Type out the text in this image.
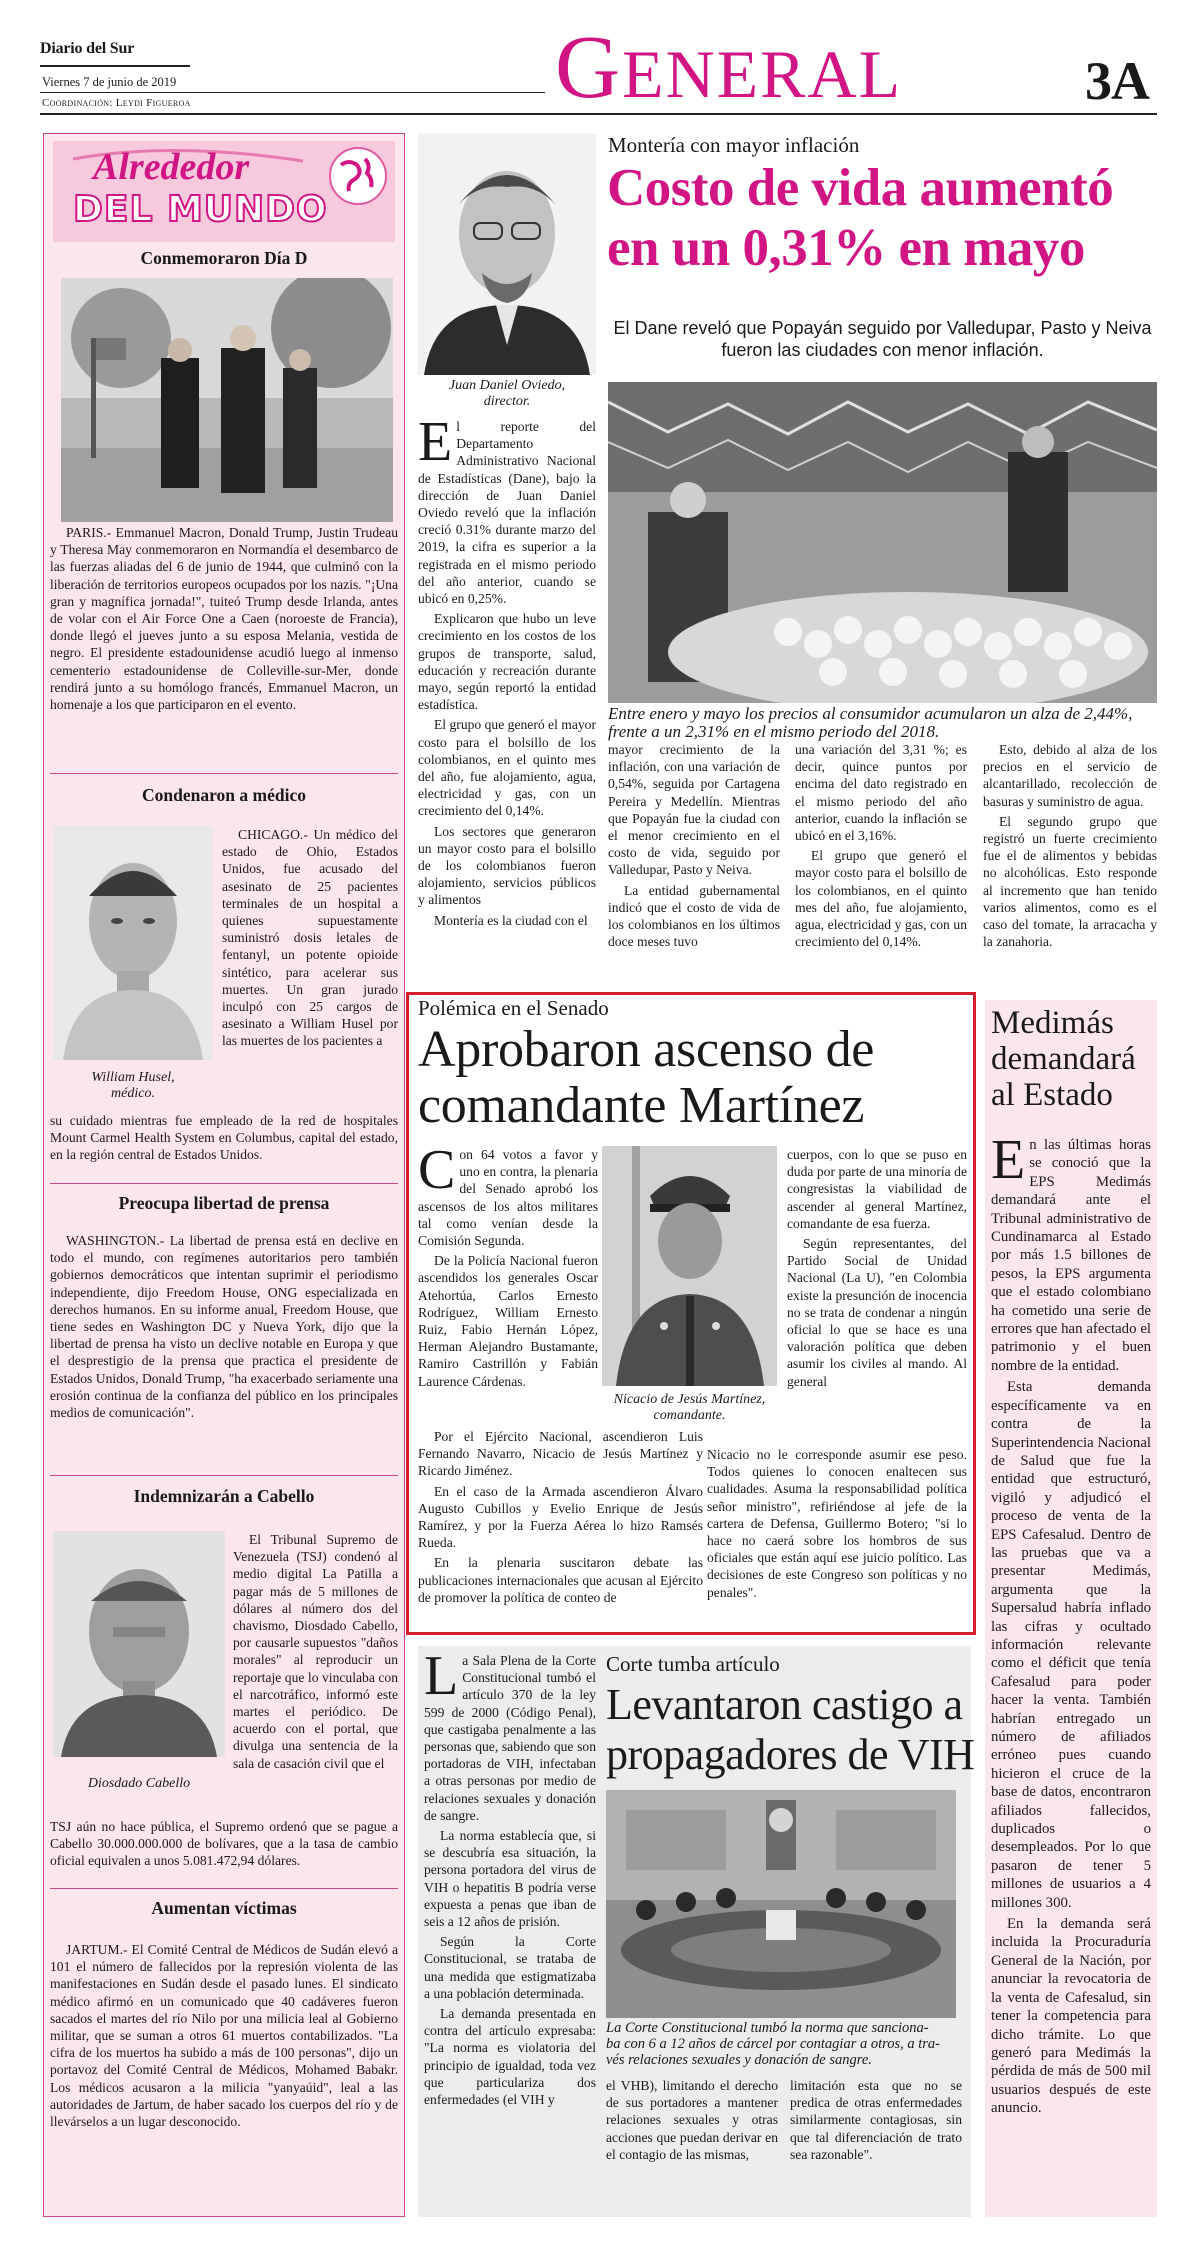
Diario del Sur
Viernes 7 de junio de 2019
Coordinación: Leydi Figueroa	GENERAL	3A
Alrededor
DEL MUNDO
Conmemoraron Día D

PARIS.- Emmanuel Macron, Donald Trump, Justin Trudeau y Theresa May conmemoraron en Normandía el desembarco de las fuerzas aliadas del 6 de junio de 1944, que culminó con la liberación de territorios europeos ocupados por los nazis. "¡Una gran y magnífica jornada!", tuiteó Trump desde Irlanda, antes de volar con el Air Force One a Caen (noroeste de Francia), donde llegó el jueves junto a su esposa Melania, vestida de negro. El presidente estadounidense acudió luego al inmenso cementerio estadounidense de Colleville-sur-Mer, donde rendirá junto a su homólogo francés, Emmanuel Macron, un homenaje a los que participaron en el evento.

Condenaron a médico
William Husel,
médico.

CHICAGO.- Un médico del estado de Ohio, Estados Unidos, fue acusado del asesinato de 25 pacientes terminales de un hospital a quienes supuestamente suministró dosis letales de fentanyl, un potente opioide sintético, para acelerar sus muertes. Un gran jurado inculpó con 25 cargos de asesinato a William Husel por las muertes de los pacientes a

su cuidado mientras fue empleado de la red de hospitales Mount Carmel Health System en Columbus, capital del estado, en la región central de Estados Unidos.

Preocupa libertad de prensa

WASHINGTON.- La libertad de prensa está en declive en todo el mundo, con regímenes autoritarios pero también gobiernos democráticos que intentan suprimir el periodismo independiente, dijo Freedom House, ONG especializada en derechos humanos. En su informe anual, Freedom House, que tiene sedes en Washington DC y Nueva York, dijo que la libertad de prensa ha visto un declive notable en Europa y que el desprestigio de la prensa que practica el presidente de Estados Unidos, Donald Trump, "ha exacerbado seriamente una erosión continua de la confianza del público en los principales medios de comunicación".

Indemnizarán a Cabello
Diosdado Cabello

El Tribunal Supremo de Venezuela (TSJ) condenó al medio digital La Patilla a pagar más de 5 millones de dólares al número dos del chavismo, Diosdado Cabello, por causarle supuestos "daños morales" al reproducir un reportaje que lo vinculaba con el narcotráfico, informó este martes el periódico. De acuerdo con el portal, que divulga una sentencia de la sala de casación civil que el

TSJ aún no hace pública, el Supremo ordenó que se pague a Cabello 30.000.000.000 de bolívares, que a la tasa de cambio oficial equivalen a unos 5.081.472,94 dólares.

Aumentan víctimas

JARTUM.- El Comité Central de Médicos de Sudán elevó a 101 el número de fallecidos por la represión violenta de las manifestaciones en Sudán desde el pasado lunes. El sindicato médico afirmó en un comunicado que 40 cadáveres fueron sacados el martes del río Nilo por una milicia leal al Gobierno militar, que se suman a otros 61 muertos contabilizados. "La cifra de los muertos ha subido a más de 100 personas", dijo un portavoz del Comité Central de Médicos, Mohamed Babakr. Los médicos acusaron a la milicia "yanyaúid", leal a las autoridades de Jartum, de haber sacado los cuerpos del río y de llevárselos a un lugar desconocido.

Juan Daniel Oviedo,
director.
Montería con mayor inflación
Costo de vida aumentó
en un 0,31% en mayo
El Dane reveló que Popayán seguido por Valledupar, Pasto y Neiva
fueron las ciudades con menor inflación.
Entre enero y mayo los precios al consumidor acumularon un alza de 2,44%,
frente a un 2,31% en el mismo periodo del 2018.

El reporte del Departamento Administrativo Nacional de Estadísticas (Dane), bajo la dirección de Juan Daniel Oviedo reveló que la inflación creció 0.31% durante marzo del 2019, la cifra es superior a la registrada en el mismo periodo del año anterior, cuando se ubicó en 0,25%.

Explicaron que hubo un leve crecimiento en los costos de los grupos de transporte, salud, educación y recreación durante mayo, según reportó la entidad estadística.

El grupo que generó el mayor costo para el bolsillo de los colombianos, en el quinto mes del año, fue alojamiento, agua, electricidad y gas, con un crecimiento del 0,14%.

Los sectores que generaron un mayor costo para el bolsillo de los colombianos fueron alojamiento, servicios públicos y alimentos

Montería es la ciudad con el

mayor crecimiento de la inflación, con una variación de 0,54%, seguida por Cartagena Pereira y Medellín. Mientras que Popayán fue la ciudad con el menor crecimiento en el costo de vida, seguido por Valledupar, Pasto y Neiva.

La entidad gubernamental indicó que el costo de vida de los colombianos en los últimos doce meses tuvo

una variación del 3,31 %; es decir, quince puntos por encima del dato registrado en el mismo periodo del año anterior, cuando la inflación se ubicó en el 3,16%.

El grupo que generó el mayor costo para el bolsillo de los colombianos, en el quinto mes del año, fue alojamiento, agua, electricidad y gas, con un crecimiento del 0,14%.

Esto, debido al alza de los precios en el servicio de alcantarillado, recolección de basuras y suministro de agua.

El segundo grupo que registró un fuerte crecimiento fue el de alimentos y bebidas no alcohólicas. Esto responde al incremento que han tenido varios alimentos, como es el caso del tomate, la arracacha y la zanahoria.

Polémica en el Senado
Aprobaron ascenso de
comandante Martínez

Con 64 votos a favor y uno en contra, la plenaria del Senado aprobó los ascensos de los altos militares tal como venían desde la Comisión Segunda.

De la Policía Nacional fueron ascendidos los generales Oscar Atehortúa, Carlos Ernesto Rodríguez, William Ernesto Ruiz, Fabio Hernán López, Herman Alejandro Bustamante, Ramiro Castrillón y Fabián Laurence Cárdenas.

Por el Ejército Nacional, ascendieron Luis Fernando Navarro, Nicacio de Jesús Martínez y Ricardo Jiménez.

En el caso de la Armada ascendieron Álvaro Augusto Cubillos y Evelio Enrique de Jesús Ramírez, y por la Fuerza Aérea lo hizo Ramsés Rueda.

En la plenaria suscitaron debate las publicaciones internacionales que acusan al Ejército de promover la política de conteo de

Nicacio de Jesús Martínez,
comandante.

cuerpos, con lo que se puso en duda por parte de una minoría de congresistas la viabilidad de ascender al general Martínez, comandante de esa fuerza.

Según representantes, del Partido Social de Unidad Nacional (La U), "en Colombia existe la presunción de inocencia no se trata de condenar a ningún oficial lo que se hace es una valoración política que deben asumir los civiles al mando. Al general

Nicacio no le corresponde asumir ese peso. Todos quienes lo conocen enaltecen sus cualidades. Asuma la responsabilidad política señor ministro", refiriéndose al jefe de la cartera de Defensa, Guillermo Botero; "si lo hace no caerá sobre los hombros de sus oficiales que están aquí ese juicio político. Las decisiones de este Congreso son políticas y no penales".

Medimás
demandará
al Estado

En las últimas horas se conoció que la EPS Medimás demandará ante el Tribunal administrativo de Cundinamarca al Estado por más 1.5 billones de pesos, la EPS argumenta que el estado colombiano ha cometido una serie de errores que han afectado el patrimonio y el buen nombre de la entidad.

Esta demanda específicamente va en contra de la Superintendencia Nacional de Salud que fue la entidad que estructuró, vigiló y adjudicó el proceso de venta de la EPS Cafesalud. Dentro de las pruebas que va a presentar Medimás, argumenta que la Supersalud habría inflado las cifras y ocultado información relevante como el déficit que tenía Cafesalud para poder hacer la venta. También habrían entregado un número de afiliados erróneo pues cuando hicieron el cruce de la base de datos, encontraron afiliados fallecidos, duplicados o desempleados. Por lo que pasaron de tener 5 millones de usuarios a 4 millones 300.

En la demanda será incluida la Procuraduría General de la Nación, por anunciar la revocatoria de la venta de Cafesalud, sin tener la competencia para dicho trámite. Lo que generó para Medimás la pérdida de más de 500 mil usuarios después de este anuncio.

La Sala Plena de la Corte Constitucional tumbó el artículo 370 de la ley 599 de 2000 (Código Penal), que castigaba penalmente a las personas que, sabiendo que son portadoras de VIH, infectaban a otras personas por medio de relaciones sexuales y donación de sangre.

La norma establecía que, si se descubría esa situación, la persona portadora del virus de VIH o hepatitis B podría verse expuesta a penas que iban de seis a 12 años de prisión.

Según la Corte Constitucional, se trataba de una medida que estigmatizaba a una población determinada.

La demanda presentada en contra del artículo expresaba: "La norma es violatoria del principio de igualdad, toda vez que particulariza dos enfermedades (el VIH y

Corte tumba artículo
Levantaron castigo a
propagadores de VIH
La Corte Constitucional tumbó la norma que sanciona-
ba con 6 a 12 años de cárcel por contagiar a otros, a tra-
vés relaciones sexuales y donación de sangre.

el VHB), limitando el derecho de sus portadores a mantener relaciones sexuales y otras acciones que puedan derivar en el contagio de las mismas,

limitación esta que no se predica de otras enfermedades similarmente contagiosas, sin que tal diferenciación de trato sea razonable".
